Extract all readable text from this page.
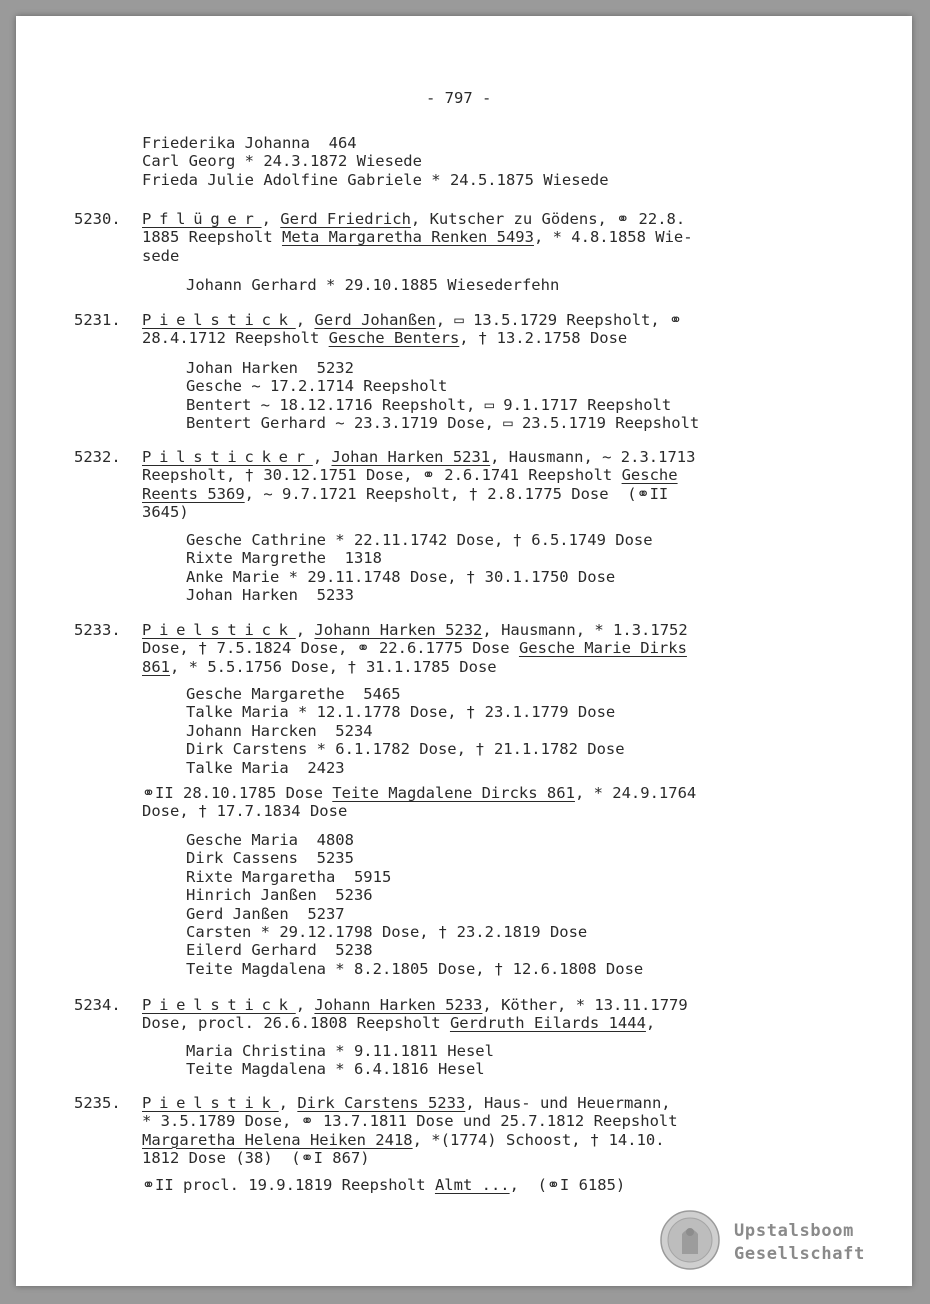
- 797 -
Friederika Johanna  464
Carl Georg * 24.3.1872 Wiesede
Frieda Julie Adolfine Gabriele * 24.5.1875 Wiesede
5230.	Pflüger, Gerd Friedrich, Kutscher zu Gödens, ⚭ 22.8.
1885 Reepsholt Meta Margaretha Renken 5493, * 4.8.1858 Wie-
sede
Johann Gerhard * 29.10.1885 Wiesederfehn
5231.	Pielstick, Gerd Johanßen, ▭ 13.5.1729 Reepsholt, ⚭
28.4.1712 Reepsholt Gesche Benters, † 13.2.1758 Dose
Johan Harken  5232
Gesche ~ 17.2.1714 Reepsholt
Bentert ~ 18.12.1716 Reepsholt, ▭ 9.1.1717 Reepsholt
Bentert Gerhard ~ 23.3.1719 Dose, ▭ 23.5.1719 Reepsholt
5232.	Pilsticker, Johan Harken 5231, Hausmann, ~ 2.3.1713
Reepsholt, † 30.12.1751 Dose, ⚭ 2.6.1741 Reepsholt Gesche
Reents 5369, ~ 9.7.1721 Reepsholt, † 2.8.1775 Dose  (⚭II
3645)
Gesche Cathrine * 22.11.1742 Dose, † 6.5.1749 Dose
Rixte Margrethe  1318
Anke Marie * 29.11.1748 Dose, † 30.1.1750 Dose
Johan Harken  5233
5233.	Pielstick, Johann Harken 5232, Hausmann, * 1.3.1752
Dose, † 7.5.1824 Dose, ⚭ 22.6.1775 Dose Gesche Marie Dirks
861, * 5.5.1756 Dose, † 31.1.1785 Dose
Gesche Margarethe  5465
Talke Maria * 12.1.1778 Dose, † 23.1.1779 Dose
Johann Harcken  5234
Dirk Carstens * 6.1.1782 Dose, † 21.1.1782 Dose
Talke Maria  2423
⚭II 28.10.1785 Dose Teite Magdalene Dircks 861, * 24.9.1764
Dose, † 17.7.1834 Dose
Gesche Maria  4808
Dirk Cassens  5235
Rixte Margaretha  5915
Hinrich Janßen  5236
Gerd Janßen  5237
Carsten * 29.12.1798 Dose, † 23.2.1819 Dose
Eilerd Gerhard  5238
Teite Magdalena * 8.2.1805 Dose, † 12.6.1808 Dose
5234.	Pielstick, Johann Harken 5233, Köther, * 13.11.1779
Dose, procl. 26.6.1808 Reepsholt Gerdruth Eilards 1444,
Maria Christina * 9.11.1811 Hesel
Teite Magdalena * 6.4.1816 Hesel
5235.	Pielstik, Dirk Carstens 5233, Haus- und Heuermann,
* 3.5.1789 Dose, ⚭ 13.7.1811 Dose und 25.7.1812 Reepsholt
Margaretha Helena Heiken 2418, *(1774) Schoost, † 14.10.
1812 Dose (38)  (⚭I 867)
⚭II procl. 19.9.1819 Reepsholt Almt ...,  (⚭I 6185)
Upstalsboom
Gesellschaft
